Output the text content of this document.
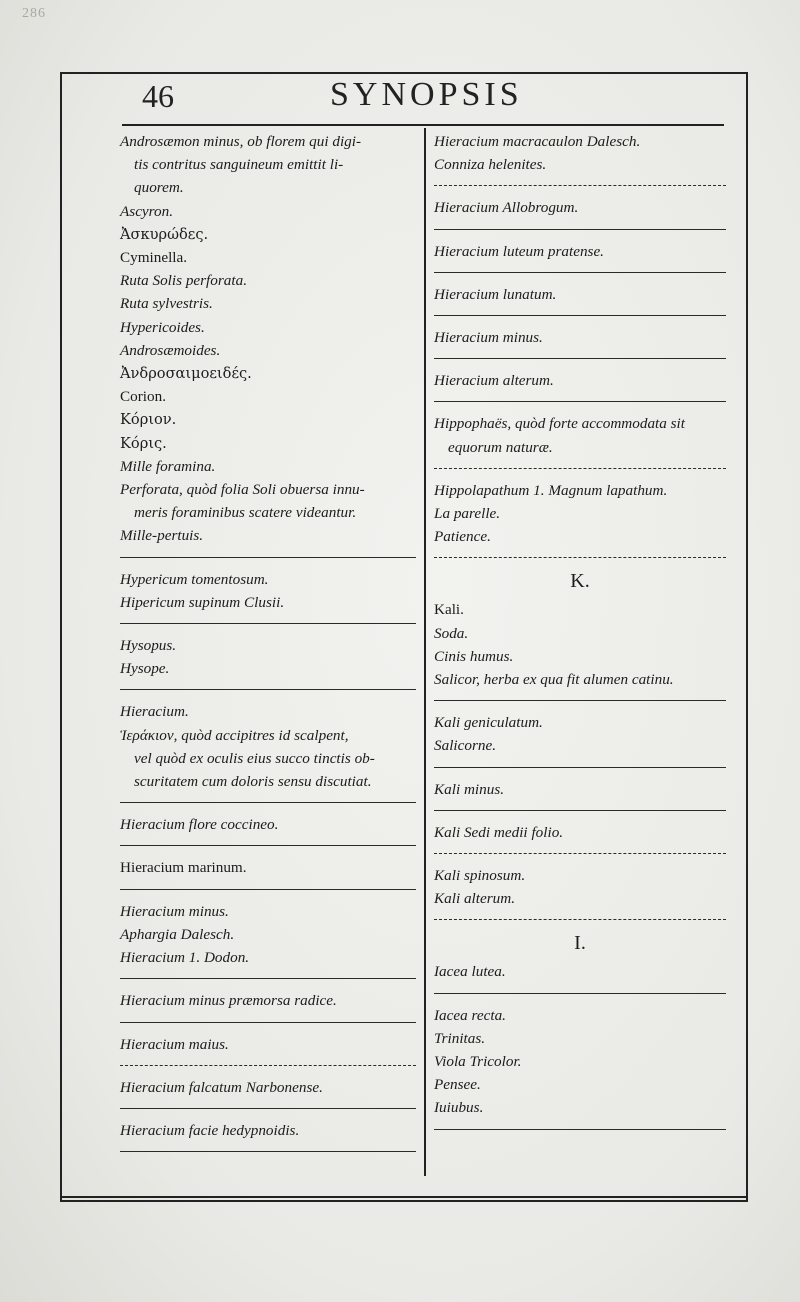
286
46	SYNOPSIS
Androsæmon minus, ob florem qui digi-
tis contritus sanguineum emittit li-
quorem.
Ascyron.
Ἀσκυρώδες.
Cyminella.
Ruta Solis perforata.
Ruta sylvestris.
Hypericoides.
Androsæmoides.
Ἀνδροσαιμοειδές.
Corion.
Κόριον.
Κόρις.
Mille foramina.
Perforata, quòd folia Soli obuersa innu-
meris foraminibus scatere videantur.
Mille-pertuis.
Hypericum tomentosum.
Hipericum supinum Clusii.
Hysopus.
Hysope.
Hieracium.
Ἱεράκιον, quòd accipitres id scalpent,
vel quòd ex oculis eius succo tinctis ob-
scuritatem cum doloris sensu discutiat.
Hieracium flore coccineo.
Hieracium marinum.
Hieracium minus.
Aphargia Dalesch.
Hieracium 1. Dodon.
Hieracium minus præmorsa radice.
Hieracium maius.
Hieracium falcatum Narbonense.
Hieracium facie hedypnoidis.
Hieracium macracaulon Dalesch.
Conniza helenites.
Hieracium Allobrogum.
Hieracium luteum pratense.
Hieracium lunatum.
Hieracium minus.
Hieracium alterum.
Hippophaës, quòd forte accommodata sit
equorum naturæ.
Hippolapathum 1. Magnum lapathum.
La parelle.
Patience.
K.
Kali.
Soda.
Cinis humus.
Salicor, herba ex qua fit alumen catinu.
Kali geniculatum.
Salicorne.
Kali minus.
Kali Sedi medii folio.
Kali spinosum.
Kali alterum.
I.
Iacea lutea.
Iacea recta.
Trinitas.
Viola Tricolor.
Pensee.
Iuiubus.
